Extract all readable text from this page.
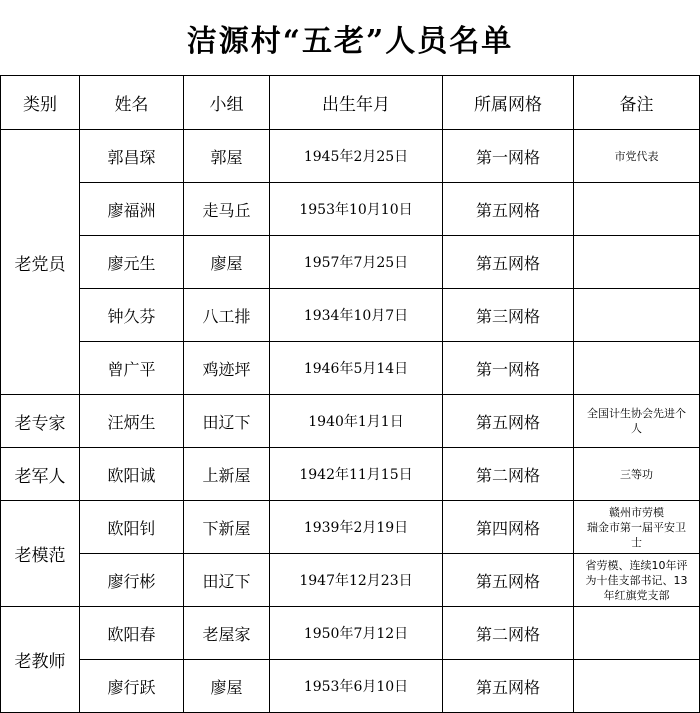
洁源村“五老”人员名单
类别	姓名	小组	出生年月	所属网格	备注
老党员	郭昌琛	郭屋	1945年2月25日	第一网格	市党代表

	廖福洲	走马丘	1953年10月10日	第五网格	
	廖元生	廖屋	1957年7月25日	第五网格	
	钟久芬	八工排	1934年10月7日	第三网格	
	曾广平	鸡迹坪	1946年5月14日	第一网格	
老专家	汪炳生	田辽下	1940年1月1日	第五网格	全国计生协会先进个
人

老军人	欧阳诚	上新屋	1942年11月15日	第二网格	三等功

老模范	欧阳钊	下新屋	1939年2月19日	第四网格	赣州市劳模
瑞金市第一届平安卫
士

	廖行彬	田辽下	1947年12月23日	第五网格	省劳模、连续10年评
为十佳支部书记、13
年红旗党支部

老教师	欧阳春	老屋家	1950年7月12日	第二网格	
	廖行跃	廖屋	1953年6月10日	第五网格	
